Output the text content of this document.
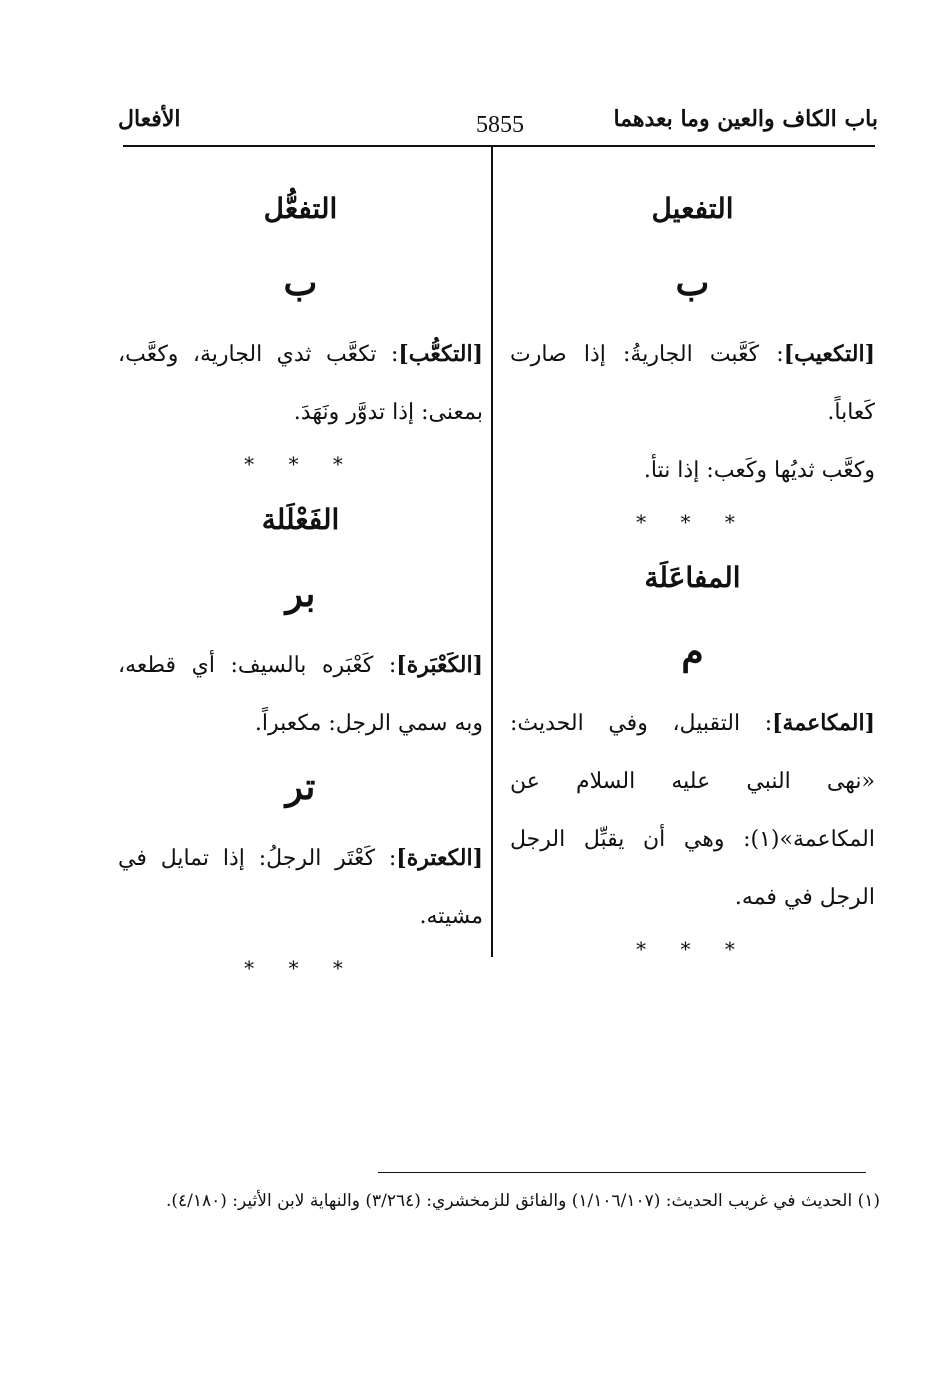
باب الكاف والعين وما بعدهما
5855
الأفعال
التفعيل
ب

[التكعيب]: كَعَّبت الجاريةُ: إذا صارت كَعاباً.

وكعَّب ثديُها وكَعب: إذا نتأ.

* * *
المفاعَلَة
م

[المكاعمة]: التقبيل، وفي الحديث: «نهى النبي عليه السلام عن المكاعمة»(١): وهي أن يقبِّل الرجل الرجل في فمه.

* * *
التفعُّل
ب

[التكعُّب]: تكعَّب ثدي الجارية، وكعَّب، بمعنى: إذا تدوَّر ونَهَدَ.

* * *
الفَعْلَلة
بر

[الكَعْبَرة]: كَعْبَره بالسيف: أي قطعه، وبه سمي الرجل: مكعبراً.

تر

[الكعترة]: كَعْتَر الرجلُ: إذا تمايل في مشيته.

* * *
(١) الحديث في غريب الحديث: (١/١٠٦/١٠٧) والفائق للزمخشري: (٣/٢٦٤) والنهاية لابن الأثير: (٤/١٨٠).
